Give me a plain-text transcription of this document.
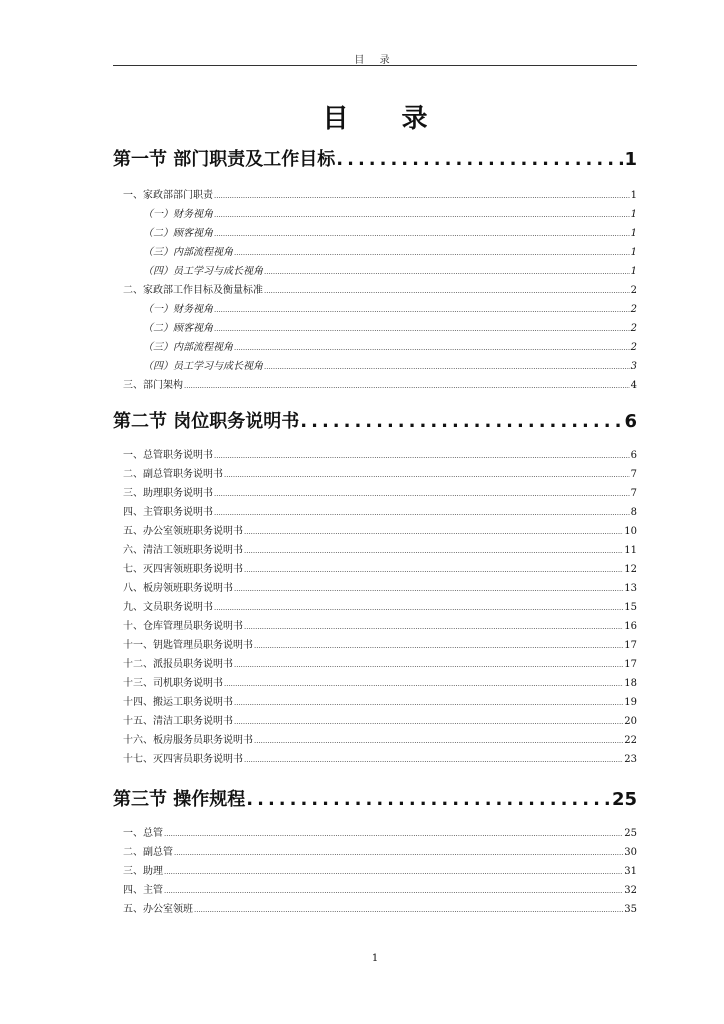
目 录
目 录
第一节 部门职责及工作目标 .....	1
一、家政部部门职责 .....	1
（一）财务视角 .....	1
（二）顾客视角 .....	1
（三）内部流程视角 .....	1
（四）员工学习与成长视角 .....	1
二、家政部工作目标及衡量标准 .....	2
（一）财务视角 .....	2
（二）顾客视角 .....	2
（三）内部流程视角 .....	2
（四）员工学习与成长视角 .....	3
三、部门架构 .....	4
第二节 岗位职务说明书 .....	6
一、总管职务说明书 .....	6
二、副总管职务说明书 .....	7
三、助理职务说明书 .....	7
四、主管职务说明书 .....	8
五、办公室领班职务说明书 .....	10
六、清洁工领班职务说明书 .....	11
七、灭四害领班职务说明书 .....	12
八、板房领班职务说明书 .....	13
九、文员职务说明书 .....	15
十、仓库管理员职务说明书 .....	16
十一、钥匙管理员职务说明书 .....	17
十二、派报员职务说明书 .....	17
十三、司机职务说明书 .....	18
十四、搬运工职务说明书 .....	19
十五、清洁工职务说明书 .....	20
十六、板房服务员职务说明书 .....	22
十七、灭四害员职务说明书 .....	23
第三节 操作规程 .....	25
一、总管 .....	25
二、副总管 .....	30
三、助理 .....	31
四、主管 .....	32
五、办公室领班 .....	35
1
